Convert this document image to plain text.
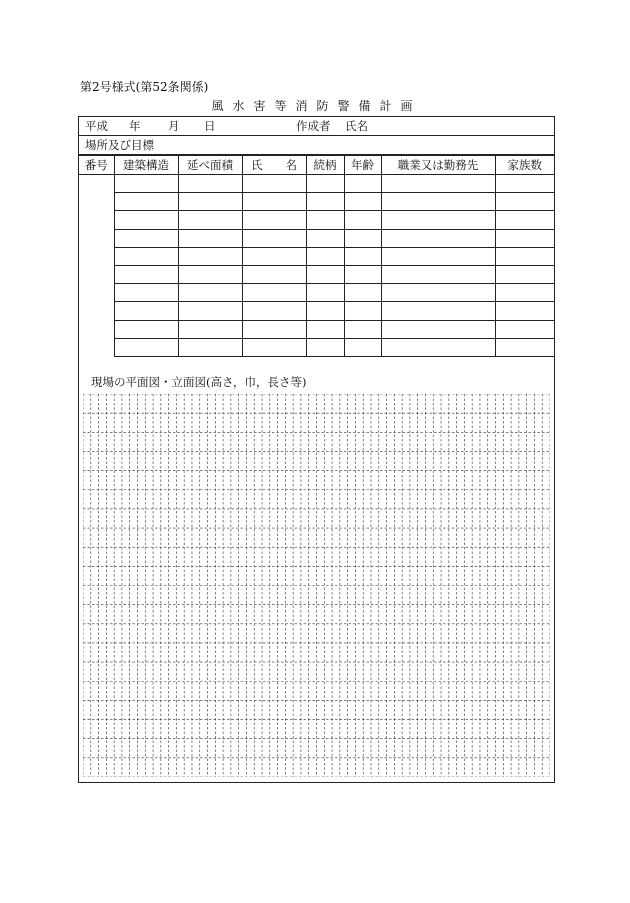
第2号様式(第52条関係)
風水害等消防警備計画
平成 年 月 日	作成者 氏名
場所及び目標
番号	建築構造	延べ面積	氏　　名	続柄	年齢	職業又は勤務先	家族数

現場の平面図・立面図(高さ，巾，長さ等)
